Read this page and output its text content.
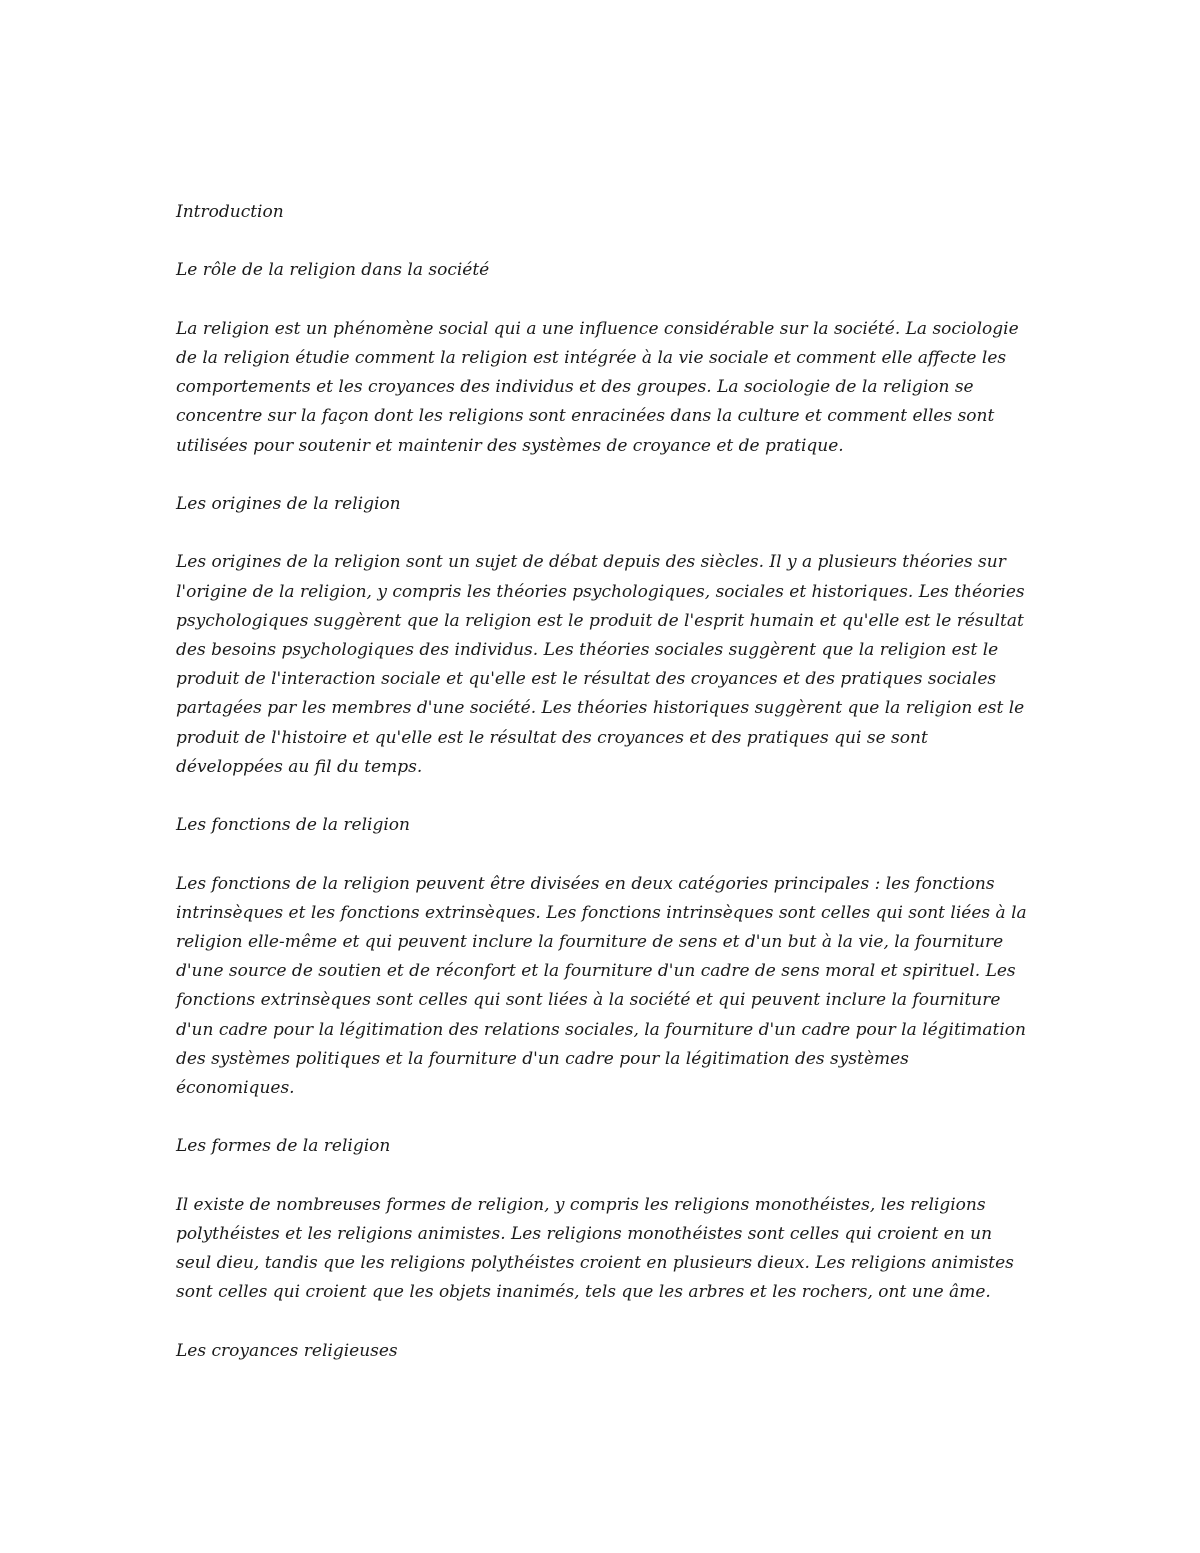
Introduction

Le rôle de la religion dans la société

La religion est un phénomène social qui a une influence considérable sur la société. La sociologie de la religion étudie comment la religion est intégrée à la vie sociale et comment elle affecte les comportements et les croyances des individus et des groupes. La sociologie de la religion se concentre sur la façon dont les religions sont enracinées dans la culture et comment elles sont utilisées pour soutenir et maintenir des systèmes de croyance et de pratique.

Les origines de la religion

Les origines de la religion sont un sujet de débat depuis des siècles. Il y a plusieurs théories sur l'origine de la religion, y compris les théories psychologiques, sociales et historiques. Les théories psychologiques suggèrent que la religion est le produit de l'esprit humain et qu'elle est le résultat des besoins psychologiques des individus. Les théories sociales suggèrent que la religion est le produit de l'interaction sociale et qu'elle est le résultat des croyances et des pratiques sociales partagées par les membres d'une société. Les théories historiques suggèrent que la religion est le produit de l'histoire et qu'elle est le résultat des croyances et des pratiques qui se sont développées au fil du temps.

Les fonctions de la religion

Les fonctions de la religion peuvent être divisées en deux catégories principales : les fonctions intrinsèques et les fonctions extrinsèques. Les fonctions intrinsèques sont celles qui sont liées à la religion elle-même et qui peuvent inclure la fourniture de sens et d'un but à la vie, la fourniture d'une source de soutien et de réconfort et la fourniture d'un cadre de sens moral et spirituel. Les fonctions extrinsèques sont celles qui sont liées à la société et qui peuvent inclure la fourniture d'un cadre pour la légitimation des relations sociales, la fourniture d'un cadre pour la légitimation des systèmes politiques et la fourniture d'un cadre pour la légitimation des systèmes économiques.

Les formes de la religion

Il existe de nombreuses formes de religion, y compris les religions monothéistes, les religions polythéistes et les religions animistes. Les religions monothéistes sont celles qui croient en un seul dieu, tandis que les religions polythéistes croient en plusieurs dieux. Les religions animistes sont celles qui croient que les objets inanimés, tels que les arbres et les rochers, ont une âme.

Les croyances religieuses
